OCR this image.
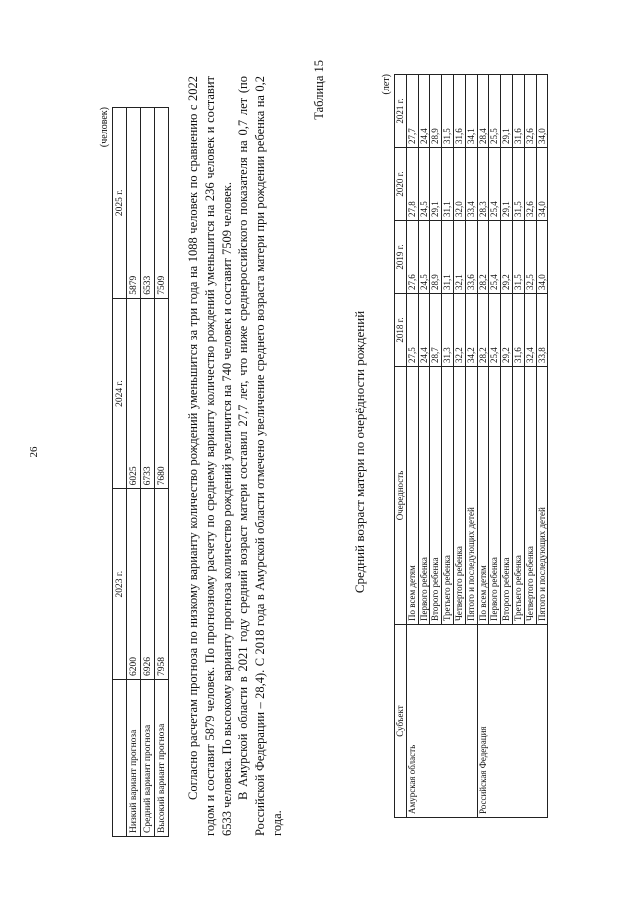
26
(человек)
	2023 г.	2024 г.	2025 г.
Низкий вариант прогноза	6200	6025	5879
Средний вариант прогноза	6926	6733	6533
Высокий вариант прогноза	7958	7680	7509 Согласно расчетам прогноза по низкому варианту количество рождений уменьшится за три года на 1088 человек по сравнению с 2022 годом и составит 5879 человек. По прогнозному расчету по среднему варианту количество рождений уменьшится на 236 человек и составит 6533 человека. По высокому варианту прогноза количество рождений увеличится на 740 человек и составит 7509 человек. В Амурской области в 2021 году средний возраст матери составил 27,7 лет, что ниже среднероссийского показателя на 0,7 лет (по Российской Федерации – 28,4). С 2018 года в Амурской области отмечено увеличение среднего возраста матери при рождении ребенка на 0,2 года.

Таблица 15
Средний возраст матери по очерёдности рождений
(лет)
Субъект	Очередность	2018 г.	2019 г.	2020 г.	2021 г.
Амурская область	По всем детям	27,5	27,6	27,8	27,7
	Первого ребенка	24,4	24,5	24,5	24,4
	Второго ребенка	28,7	28,9	29,1	28,9
	Третьего ребенка	31,3	31,1	31,1	31,5
	Четвертого ребенка	32,2	32,1	32,0	31,6
	Пятого и последующих детей	34,2	33,6	33,4	34,1
Российская Федерация	По всем детям	28,2	28,2	28,3	28,4
	Первого ребенка	25,4	25,4	25,4	25,5
	Второго ребенка	29,2	29,2	29,1	29,1
	Третьего ребенка	31,6	31,5	31,5	31,6
	Четвертого ребенка	32,4	32,5	32,6	32,6
	Пятого и последующих детей	33,8	34,0	34,0	34,0
